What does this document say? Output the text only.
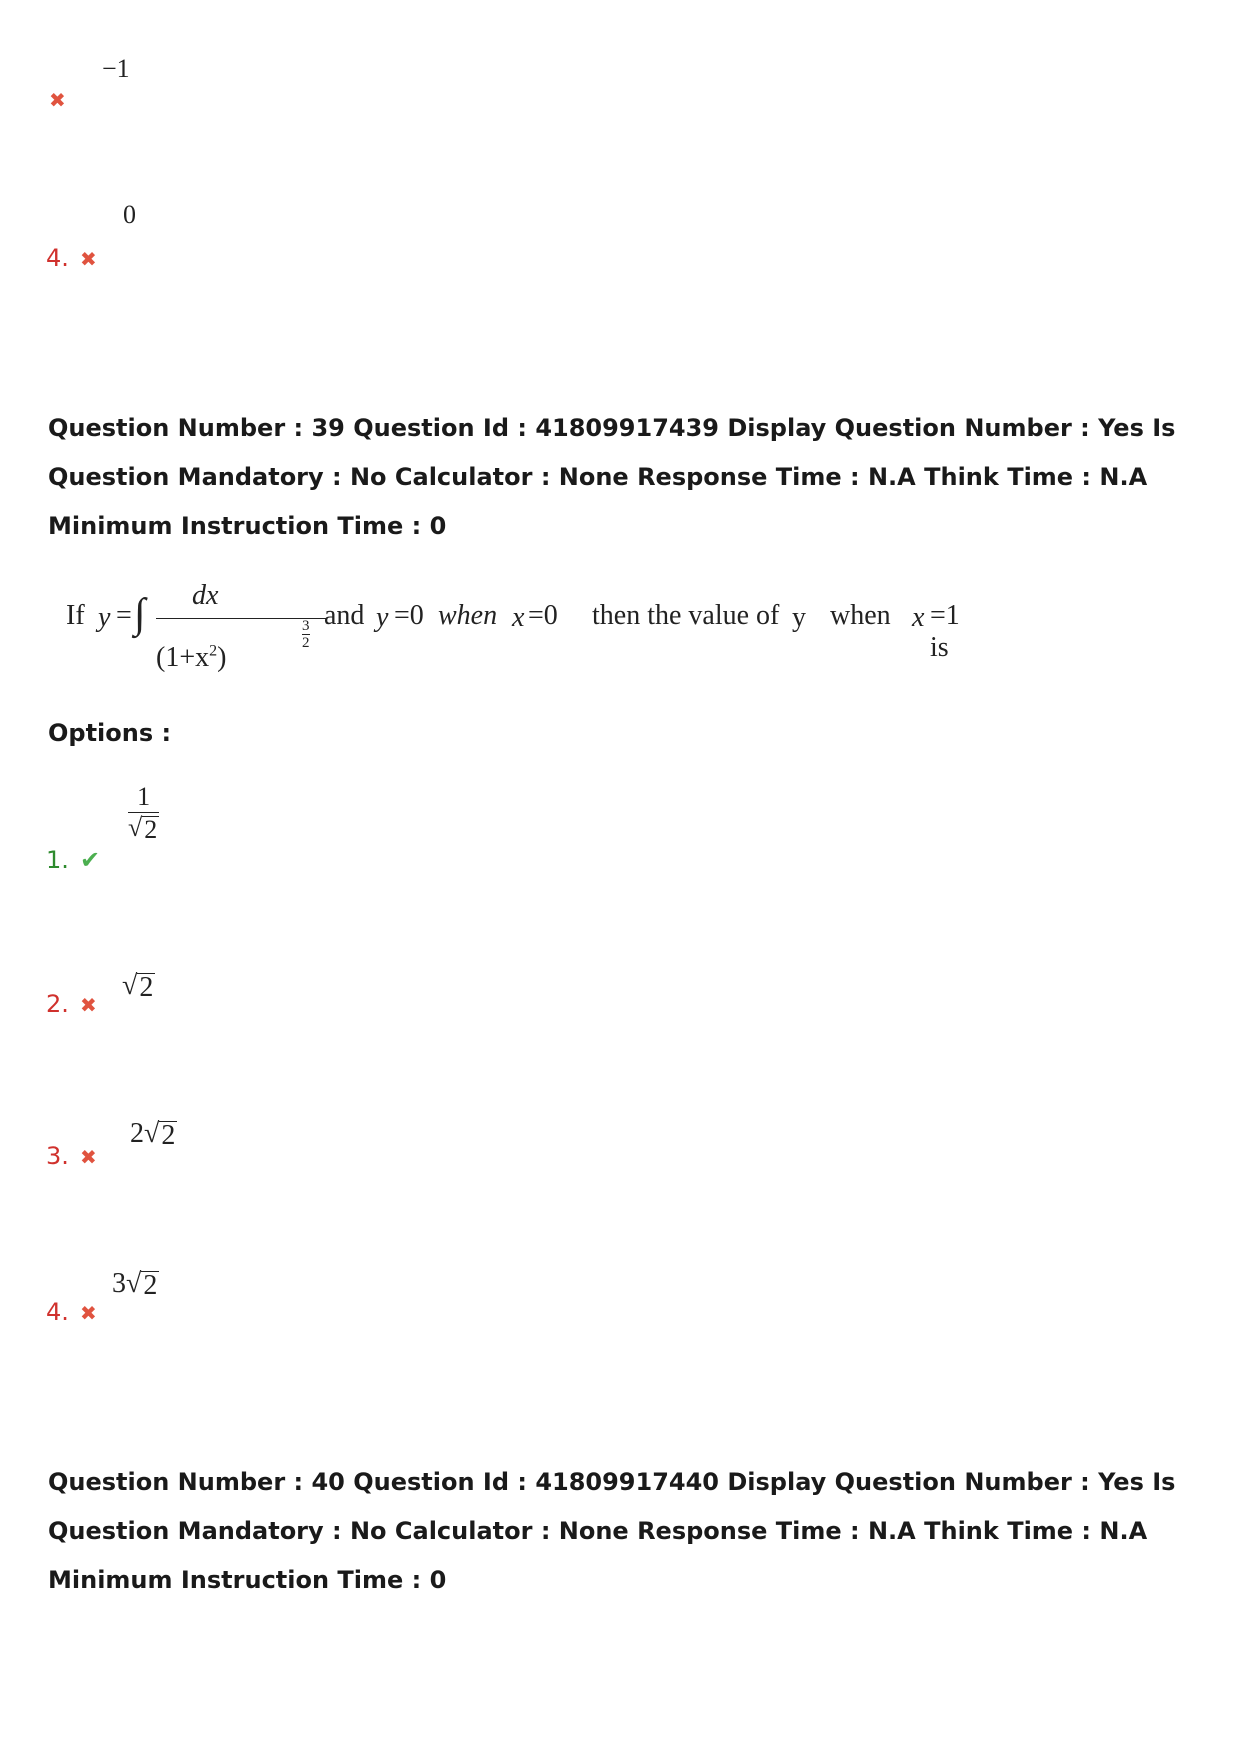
−1
✖
0
4. ✖
Question Number : 39 Question Id : 41809917439 Display Question Number : Yes Is Question Mandatory : No Calculator : None Response Time : N.A Think Time : N.A Minimum Instruction Time : 0
If y = ∫ dx
$(1+x^2)$
3
2
and y =0 when x =0 then the value of y when x =1 is
Options :
$\frac{1}{√ 2}$
1. ✔
√ 2
2. ✖
2 √ 2
3. ✖
3 √ 2
4. ✖
Question Number : 40 Question Id : 41809917440 Display Question Number : Yes Is Question Mandatory : No Calculator : None Response Time : N.A Think Time : N.A Minimum Instruction Time : 0
